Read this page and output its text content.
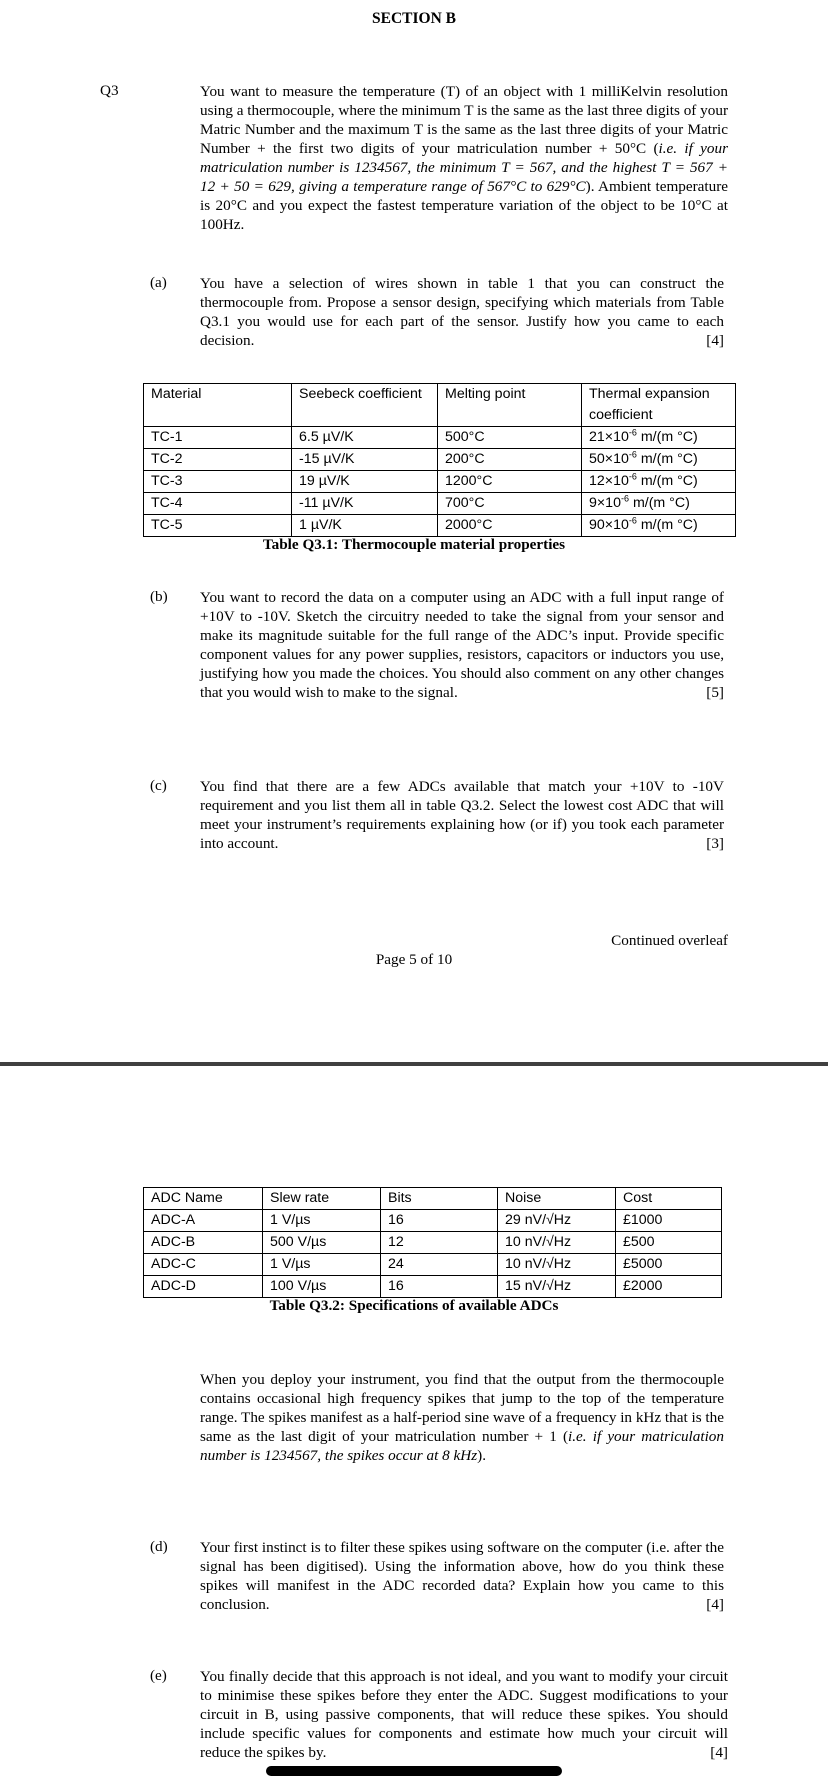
SECTION B
Q3	You want to measure the temperature (T) of an object with 1 milliKelvin resolution using a thermocouple, where the minimum T is the same as the last three digits of your Matric Number and the maximum T is the same as the last three digits of your Matric Number + the first two digits of your matriculation number + 50°C (i.e. if your matriculation number is 1234567, the minimum T = 567, and the highest T = 567 + 12 + 50 = 629, giving a temperature range of 567°C to 629°C). Ambient temperature is 20°C and you expect the fastest temperature variation of the object to be 10°C at 100Hz.
(a) You have a selection of wires shown in table 1 that you can construct the thermocouple from. Propose a sensor design, specifying which materials from Table Q3.1 you would use for each part of the sensor. Justify how you came to each decision.	[4]
Material	Seebeck coefficient	Melting point	Thermal expansion coefficient
TC-1	6.5 µV/K	500°C	$21\times 10^{-6}$ m/(m °C)
TC-2	-15 µV/K	200°C	$50\times 10^{-6}$ m/(m °C)
TC-3	19 µV/K	1200°C	$12\times 10^{-6}$ m/(m °C)
TC-4	-11 µV/K	700°C	$9\times 10^{-6}$ m/(m °C)
TC-5	1 µV/K	2000°C	$90\times 10^{-6}$ m/(m °C)
Table Q3.1: Thermocouple material properties
(b) You want to record the data on a computer using an ADC with a full input range of +10V to -10V. Sketch the circuitry needed to take the signal from your sensor and make its magnitude suitable for the full range of the ADC’s input. Provide specific component values for any power supplies, resistors, capacitors or inductors you use, justifying how you made the choices. You should also comment on any other changes that you would wish to make to the signal.	[5]
(c) You find that there are a few ADCs available that match your +10V to -10V requirement and you list them all in table Q3.2. Select the lowest cost ADC that will meet your instrument’s requirements explaining how (or if) you took each parameter into account.	[3]
Continued overleaf
Page 5 of 10
ADC Name	Slew rate	Bits	Noise	Cost
ADC-A	1 V/µs	16	29 nV/√Hz	£1000
ADC-B	500 V/µs	12	10 nV/√Hz	£500
ADC-C	1 V/µs	24	10 nV/√Hz	£5000
ADC-D	100 V/µs	16	15 nV/√Hz	£2000
Table Q3.2: Specifications of available ADCs
When you deploy your instrument, you find that the output from the thermocouple contains occasional high frequency spikes that jump to the top of the temperature range. The spikes manifest as a half-period sine wave of a frequency in kHz that is the same as the last digit of your matriculation number + 1 (i.e. if your matriculation number is 1234567, the spikes occur at 8 kHz).
(d) Your first instinct is to filter these spikes using software on the computer (i.e. after the signal has been digitised). Using the information above, how do you think these spikes will manifest in the ADC recorded data? Explain how you came to this conclusion.	[4]
(e) You finally decide that this approach is not ideal, and you want to modify your circuit to minimise these spikes before they enter the ADC. Suggest modifications to your circuit in B, using passive components, that will reduce these spikes. You should include specific values for components and estimate how much your circuit will reduce the spikes by.	[4]
